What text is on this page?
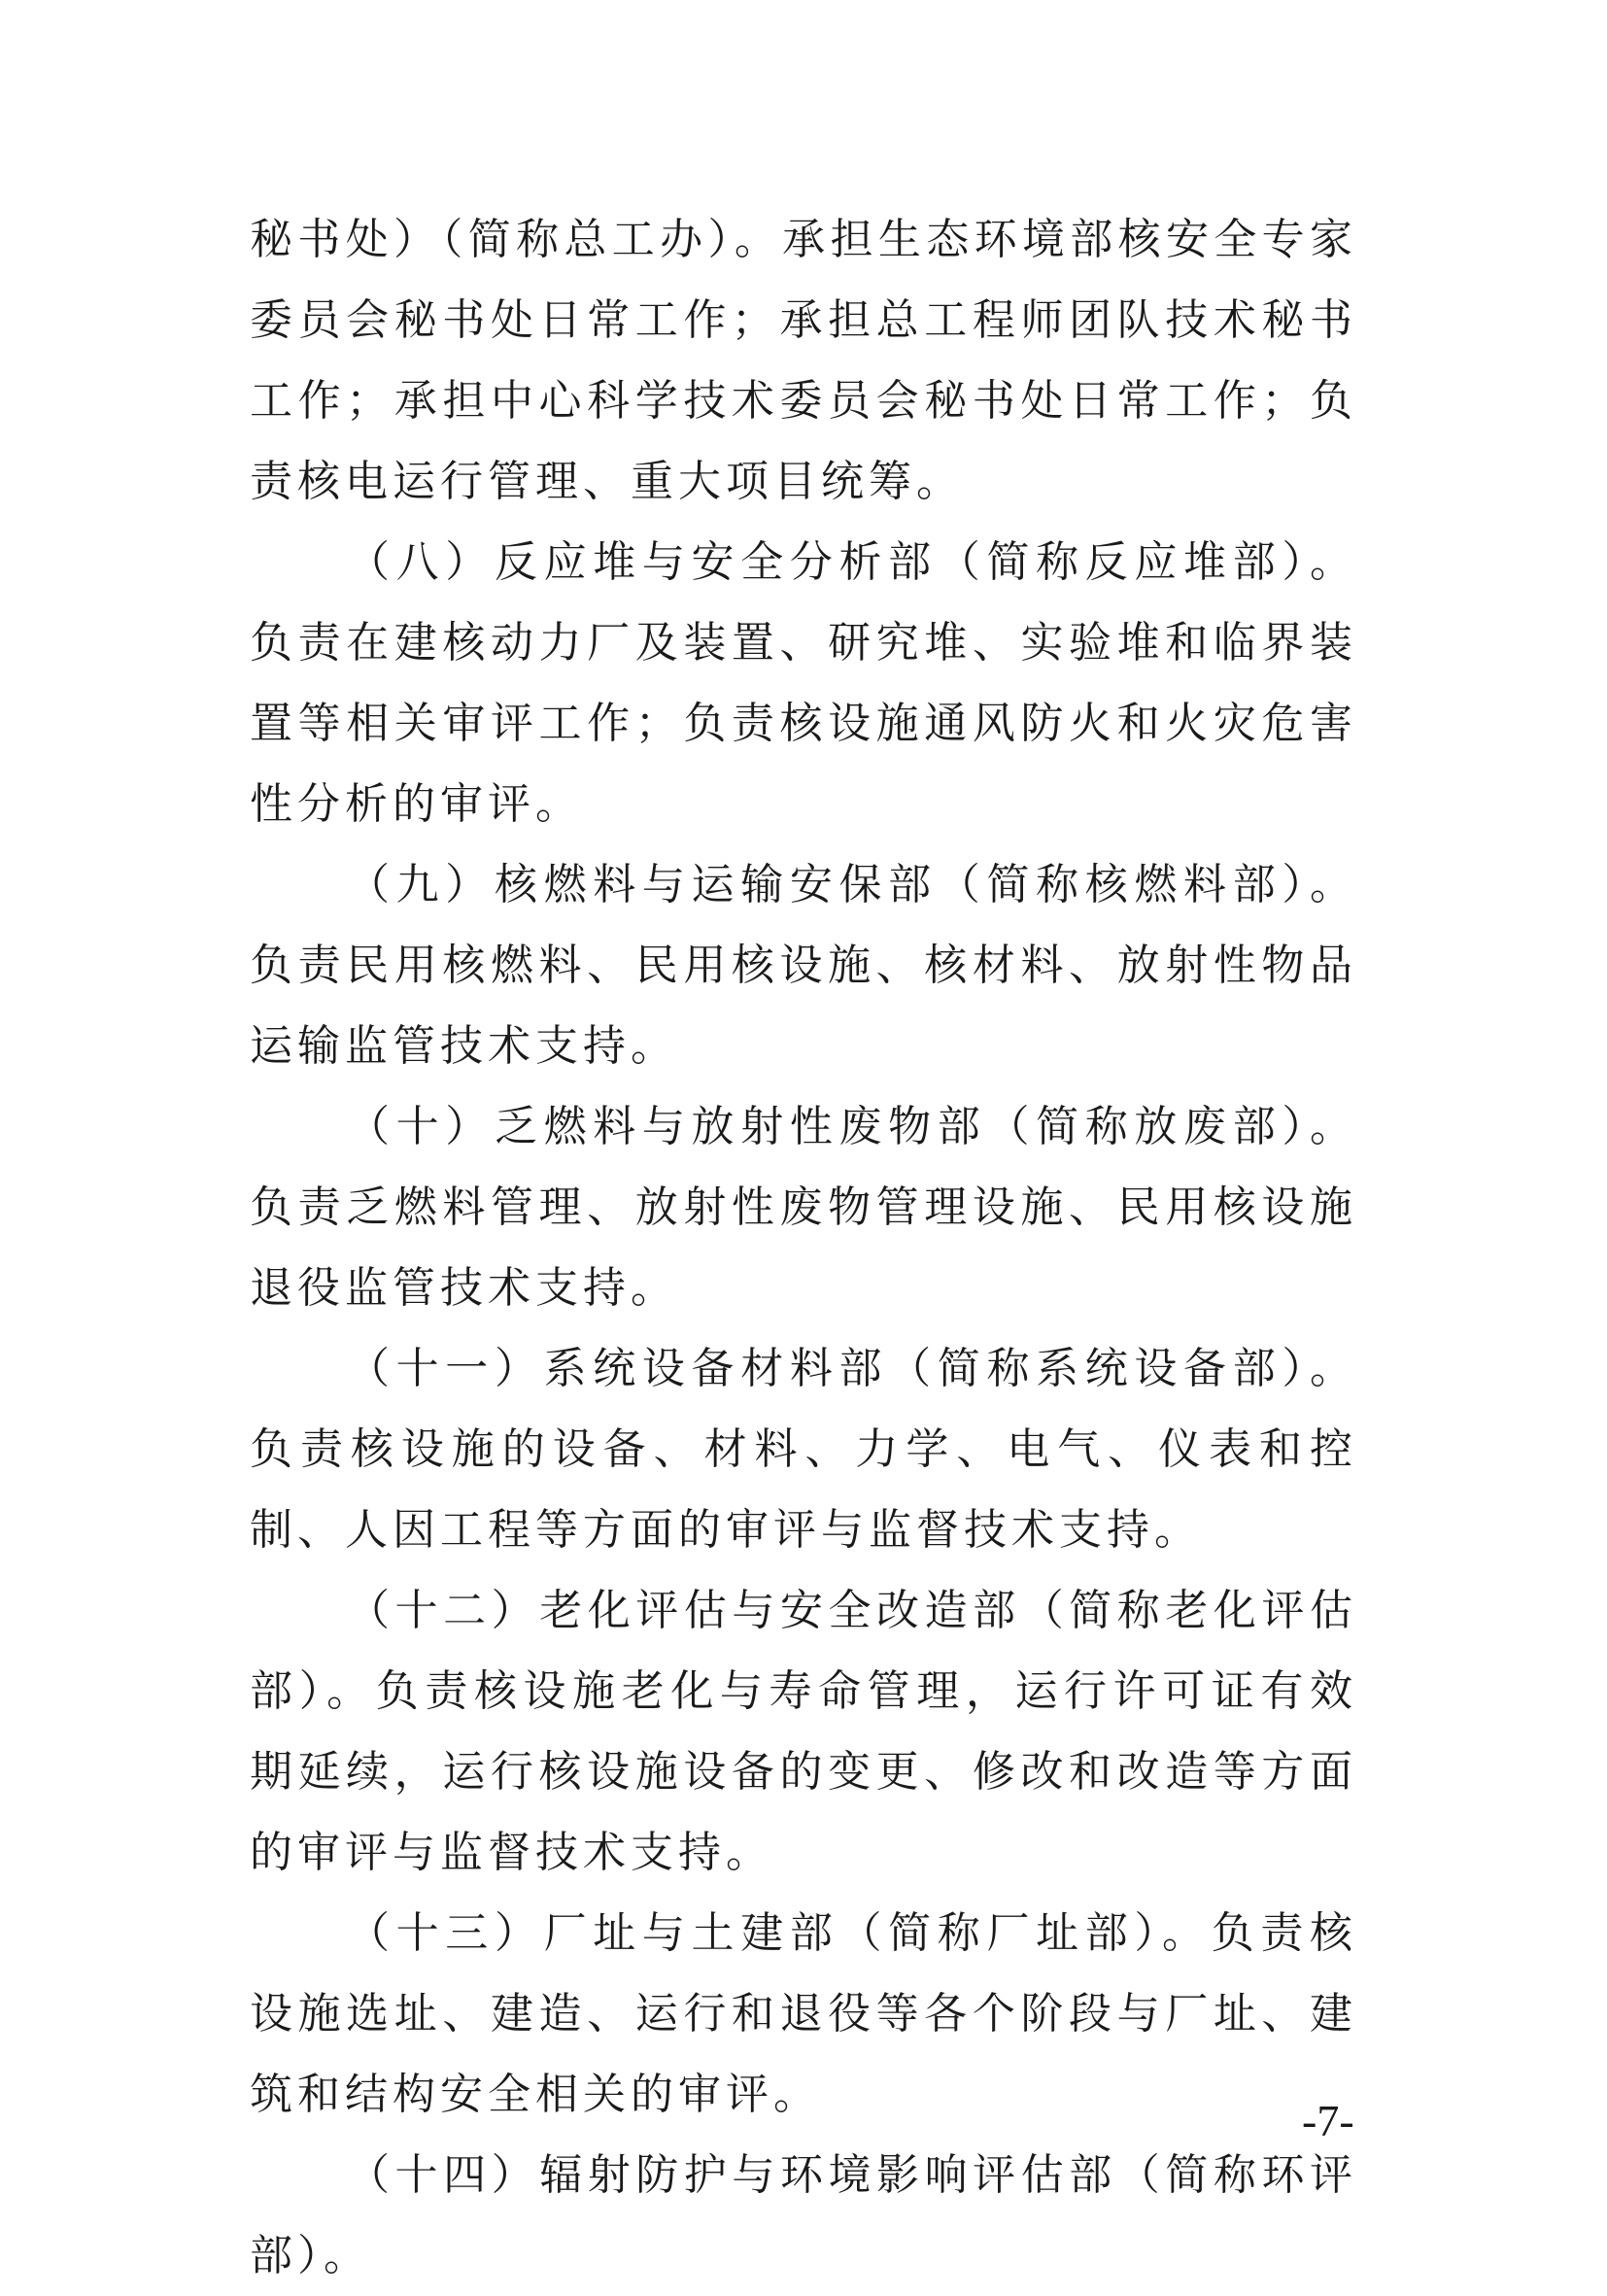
秘书处）（简称总工办）。承担生态环境部核安全专家委员会秘书处日常工作；承担总工程师团队技术秘书工作；承担中心科学技术委员会秘书处日常工作；负责核电运行管理、重大项目统筹。

（八）反应堆与安全分析部（简称反应堆部）。负责在建核动力厂及装置、研究堆、实验堆和临界装置等相关审评工作；负责核设施通风防火和火灾危害性分析的审评。

（九）核燃料与运输安保部（简称核燃料部）。负责民用核燃料、民用核设施、核材料、放射性物品运输监管技术支持。

（十）乏燃料与放射性废物部（简称放废部）。负责乏燃料管理、放射性废物管理设施、民用核设施退役监管技术支持。

（十一）系统设备材料部（简称系统设备部）。负责核设施的设备、材料、力学、电气、仪表和控制、人因工程等方面的审评与监督技术支持。

（十二）老化评估与安全改造部（简称老化评估部）。负责核设施老化与寿命管理，运行许可证有效期延续，运行核设施设备的变更、修改和改造等方面的审评与监督技术支持。

（十三）厂址与土建部（简称厂址部）。负责核设施选址、建造、运行和退役等各个阶段与厂址、建筑和结构安全相关的审评。

（十四）辐射防护与环境影响评估部（简称环评部）。

-7-
